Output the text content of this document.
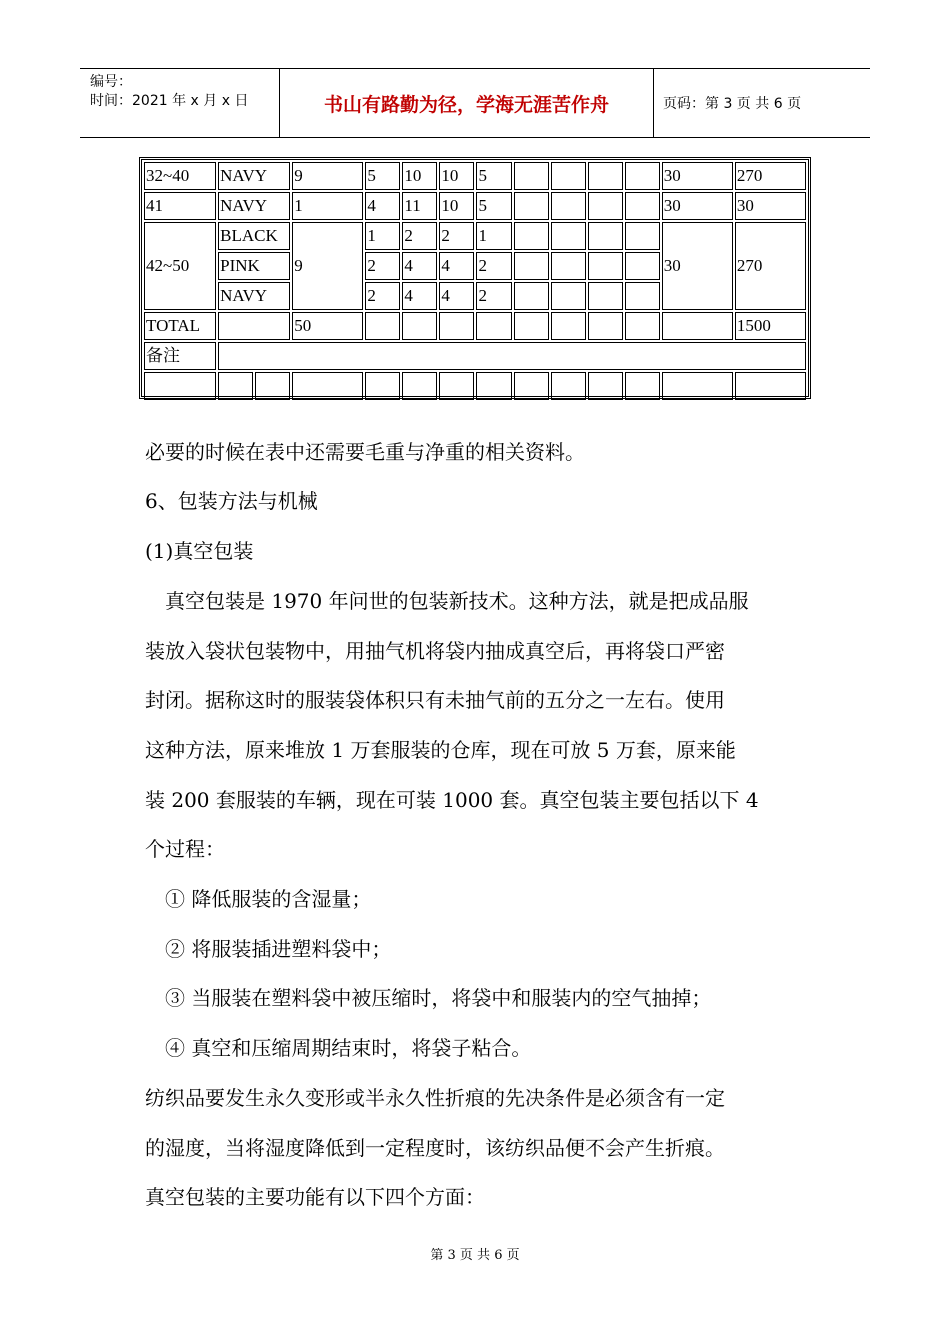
编号：
时间：2021 年 x 月 x 日	书山有路勤为径，学海无涯苦作舟	页码：第 3 页 共 6 页
32~40	NAVY		9	5	10	10	5					30	270
41	NAVY		1	4	11	10	5					30	30
42~50	BLACK		9	1	2	2	1					30	270
	PINK			2	4	4	2						
	NAVY			2	4	4	2						
TOTAL			50										1500
备注													

必要的时候在表中还需要毛重与净重的相关资料。
6、包装方法与机械
(1)真空包装
　真空包装是 1970 年问世的包装新技术。这种方法，就是把成品服
装放入袋状包装物中，用抽气机将袋内抽成真空后，再将袋口严密
封闭。据称这时的服装袋体积只有未抽气前的五分之一左右。使用
这种方法，原来堆放 1 万套服装的仓库，现在可放 5 万套，原来能
装 200 套服装的车辆，现在可装 1000 套。真空包装主要包括以下 4
个过程：
① 降低服装的含湿量；
② 将服装插进塑料袋中；
③ 当服装在塑料袋中被压缩时，将袋中和服装内的空气抽掉；
④ 真空和压缩周期结束时，将袋子粘合。
纺织品要发生永久变形或半永久性折痕的先决条件是必须含有一定
的湿度，当将湿度降低到一定程度时，该纺织品便不会产生折痕。
真空包装的主要功能有以下四个方面：
第 3 页 共 6 页
